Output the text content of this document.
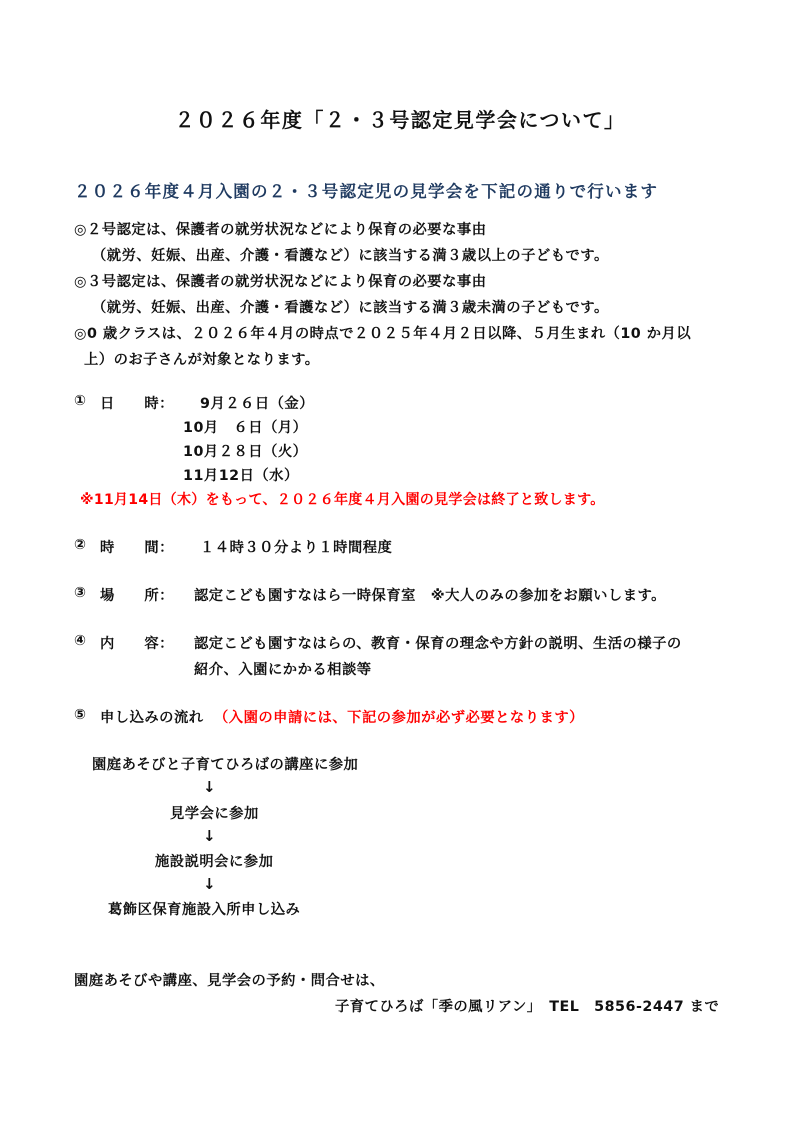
２０２６年度「２・３号認定見学会について」
２０２６年度４月入園の２・３号認定児の見学会を下記の通りで行います
◎２号認定は、保護者の就労状況などにより保育の必要な事由
（就労、妊娠、出産、介護・看護など）に該当する満３歳以上の子どもです。
◎３号認定は、保護者の就労状況などにより保育の必要な事由
（就労、妊娠、出産、介護・看護など）に該当する満３歳未満の子どもです。
◎0 歳クラスは、２０２６年４月の時点で２０２５年４月２日以降、５月生まれ（10 か月以
上）のお子さんが対象となります。
① 日　　時： 9月２６日（金）
10月　６日（月）
10月２８日（火）
11月12日（水）
※11月14日（木）をもって、２０２６年度４月入園の見学会は終了と致します。
② 時　　間： １４時３０分より１時間程度
③ 場　　所： 認定こども園すなはら一時保育室　※大人のみの参加をお願いします。
④ 内　　容： 認定こども園すなはらの、教育・保育の理念や方針の説明、生活の様子の
紹介、入園にかかる相談等
⑤ 申し込みの流れ （入園の申請には、下記の参加が必ず必要となります）
園庭あそびと子育てひろばの講座に参加
↓
見学会に参加
↓
施設説明会に参加
↓
葛飾区保育施設入所申し込み
園庭あそびや講座、見学会の予約・問合せは、
子育てひろば「季の風リアン」　TEL　5856-2447 まで
